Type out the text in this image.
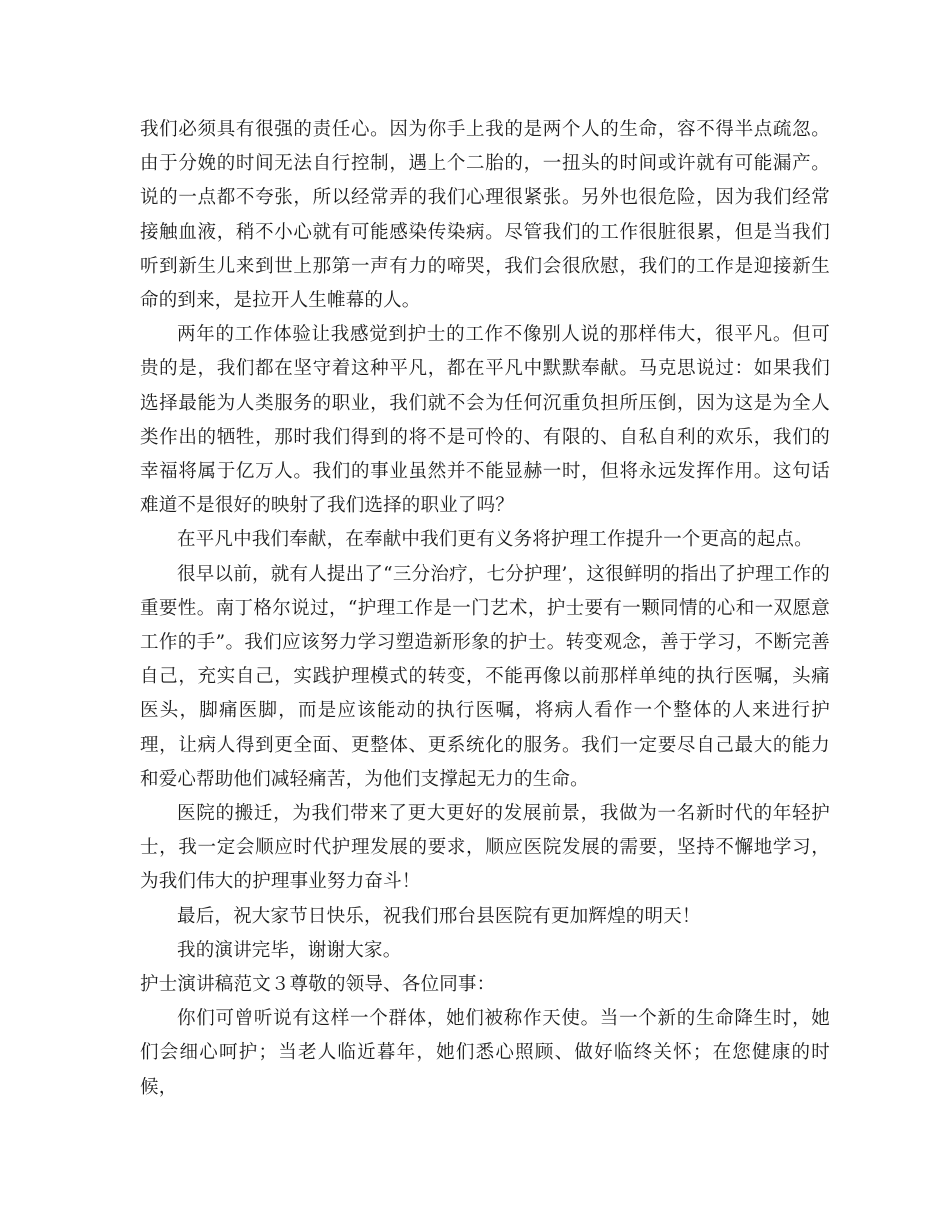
我们必须具有很强的责任心。因为你手上我的是两个人的生命，容不得半点疏忽。由于分娩的时间无法自行控制，遇上个二胎的，一扭头的时间或许就有可能漏产。说的一点都不夸张，所以经常弄的我们心理很紧张。另外也很危险，因为我们经常接触血液，稍不小心就有可能感染传染病。尽管我们的工作很脏很累，但是当我们听到新生儿来到世上那第一声有力的啼哭，我们会很欣慰，我们的工作是迎接新生命的到来，是拉开人生帷幕的人。

两年的工作体验让我感觉到护士的工作不像别人说的那样伟大，很平凡。但可贵的是，我们都在坚守着这种平凡，都在平凡中默默奉献。马克思说过：如果我们选择最能为人类服务的职业，我们就不会为任何沉重负担所压倒，因为这是为全人类作出的牺牲，那时我们得到的将不是可怜的、有限的、自私自利的欢乐，我们的幸福将属于亿万人。我们的事业虽然并不能显赫一时，但将永远发挥作用。这句话难道不是很好的映射了我们选择的职业了吗？

在平凡中我们奉献，在奉献中我们更有义务将护理工作提升一个更高的起点。

很早以前，就有人提出了“三分治疗，七分护理’，这很鲜明的指出了护理工作的重要性。南丁格尔说过，“护理工作是一门艺术，护士要有一颗同情的心和一双愿意工作的手”。我们应该努力学习塑造新形象的护士。转变观念，善于学习，不断完善自己，充实自己，实践护理模式的转变，不能再像以前那样单纯的执行医嘱，头痛医头，脚痛医脚，而是应该能动的执行医嘱，将病人看作一个整体的人来进行护理，让病人得到更全面、更整体、更系统化的服务。我们一定要尽自己最大的能力和爱心帮助他们减轻痛苦，为他们支撑起无力的生命。

医院的搬迁，为我们带来了更大更好的发展前景，我做为一名新时代的年轻护士，我一定会顺应时代护理发展的要求，顺应医院发展的需要，坚持不懈地学习，为我们伟大的护理事业努力奋斗！

最后，祝大家节日快乐，祝我们邢台县医院有更加辉煌的明天！

我的演讲完毕，谢谢大家。

护士演讲稿范文３尊敬的领导、各位同事：

你们可曾听说有这样一个群体，她们被称作天使。当一个新的生命降生时，她们会细心呵护；当老人临近暮年，她们悉心照顾、做好临终关怀；在您健康的时候，
